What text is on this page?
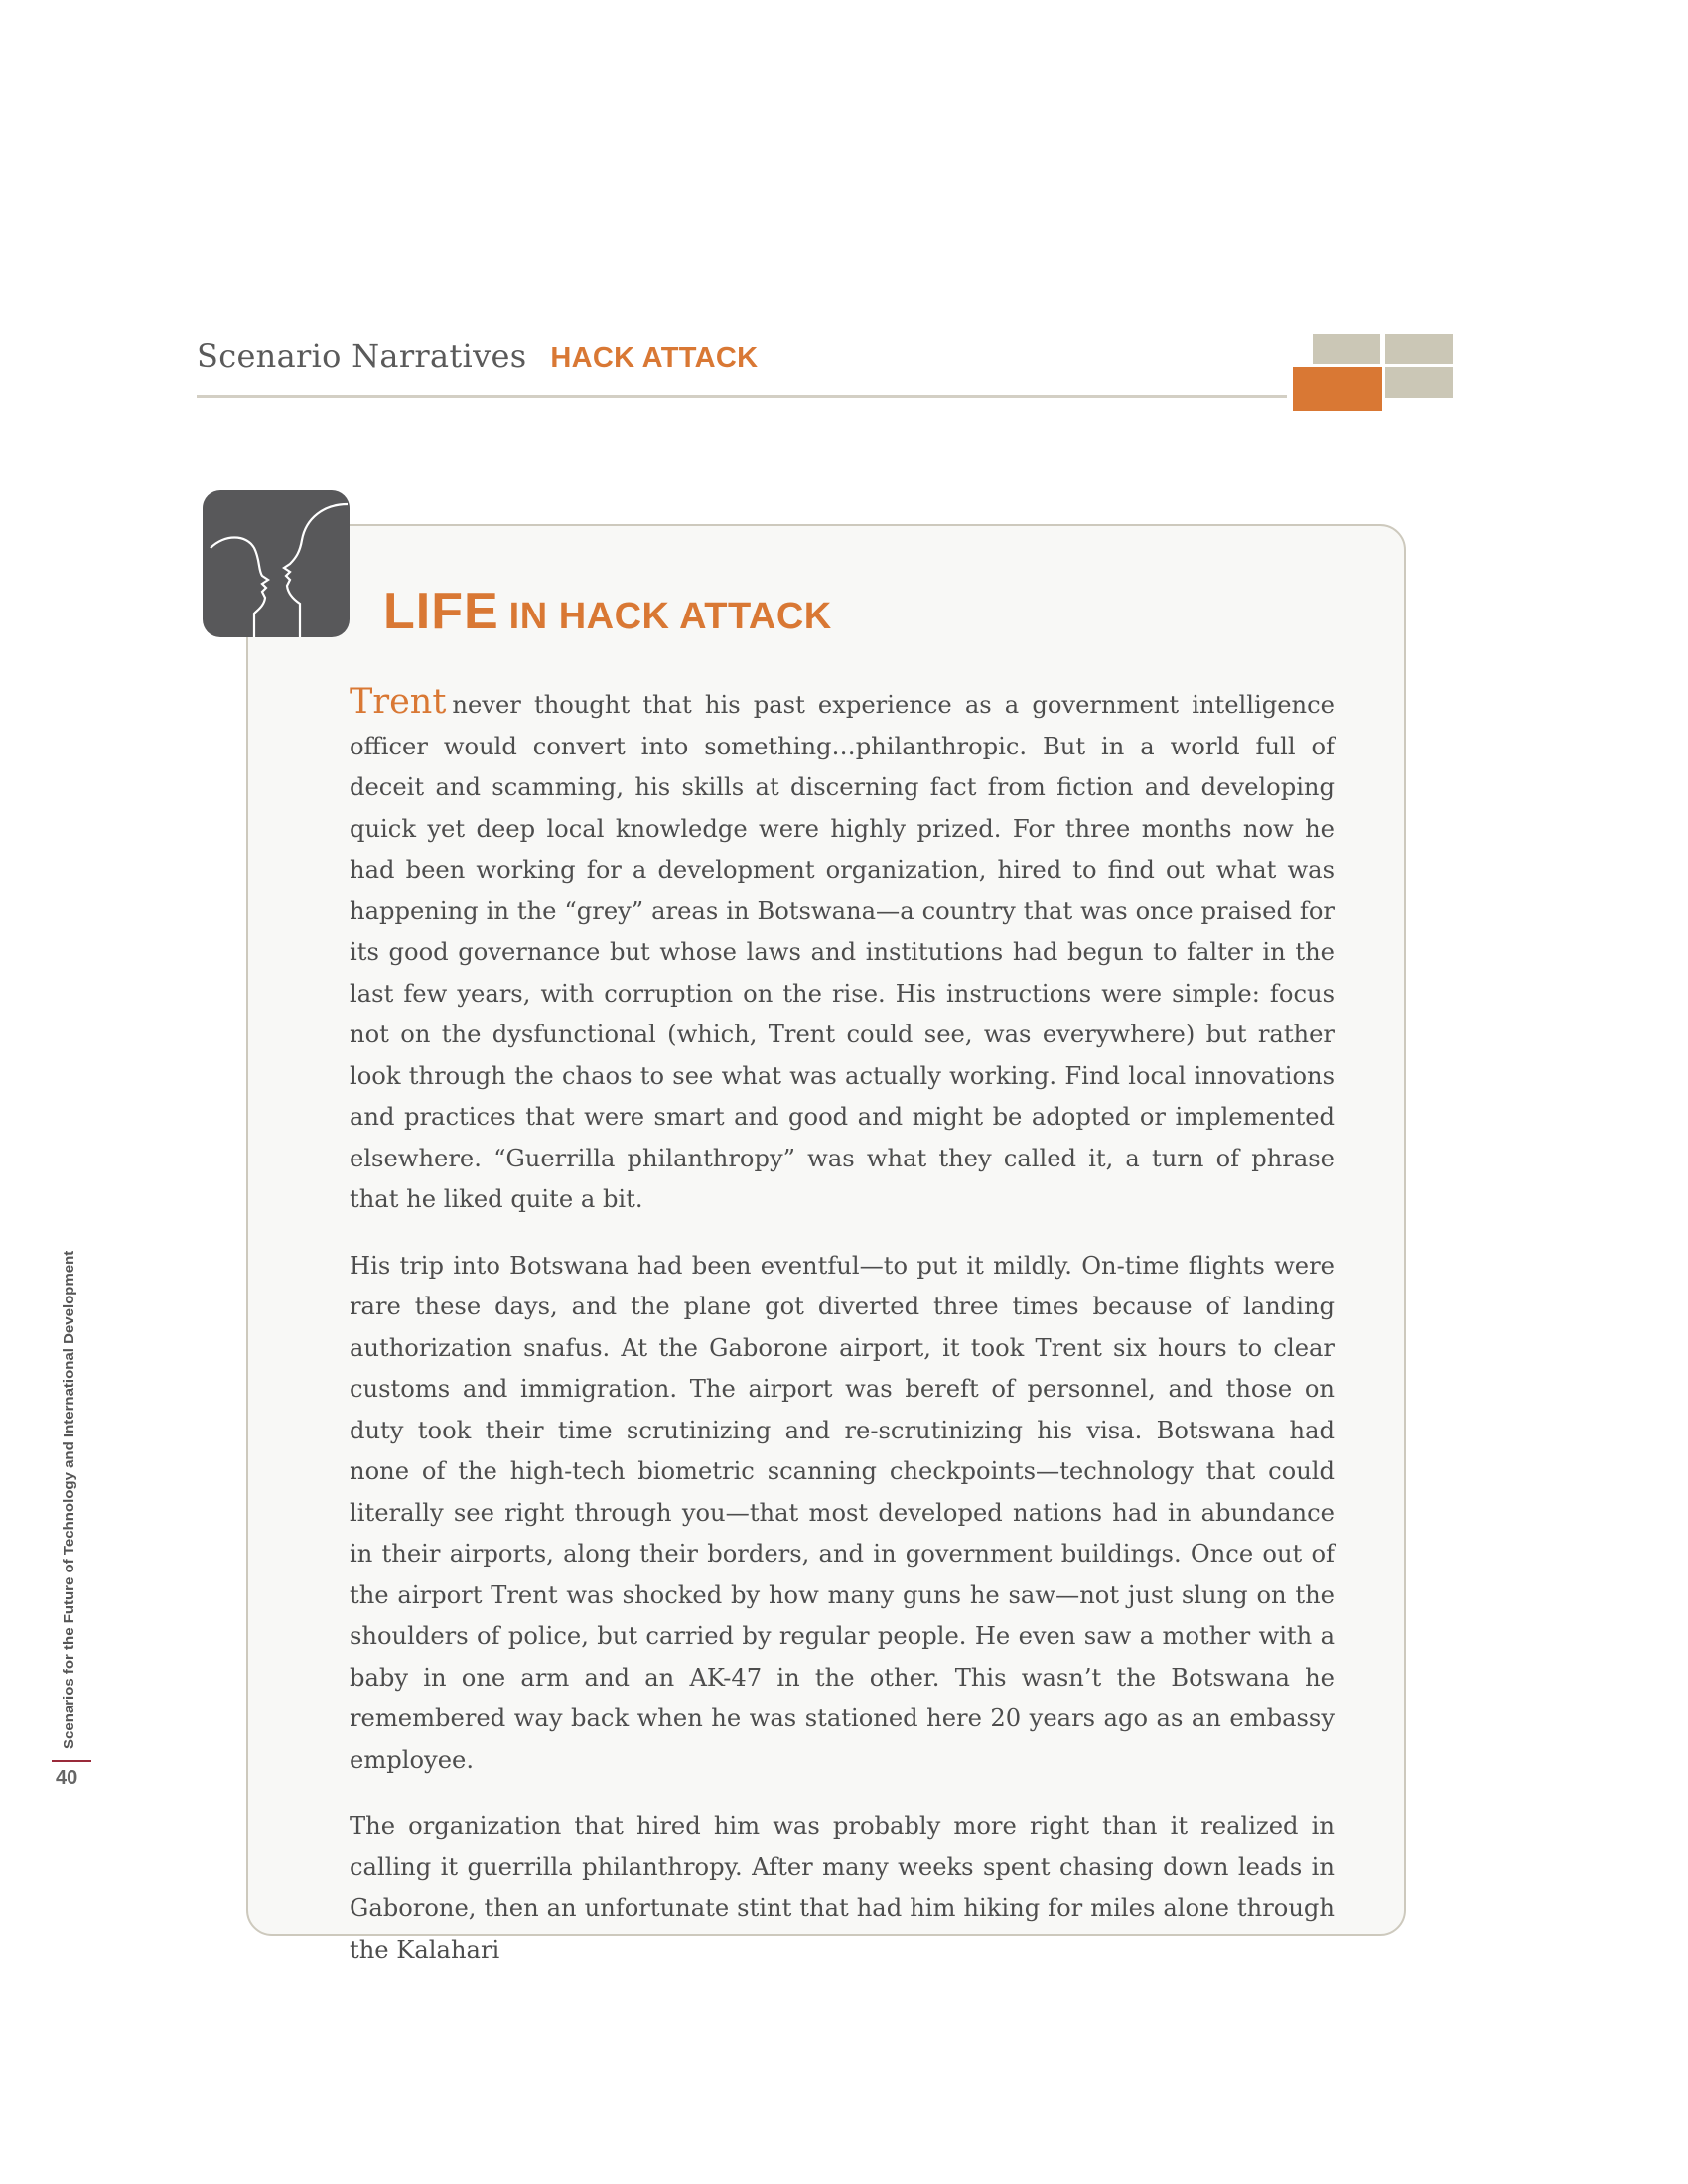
Scenario Narratives HACK ATTACK
LIFE IN HACK ATTACK

Trent never thought that his past experience as a government intelligence officer would convert into something…philanthropic. But in a world full of deceit and scamming, his skills at discerning fact from fiction and developing quick yet deep local knowledge were highly prized. For three months now he had been working for a development organization, hired to find out what was happening in the “grey” areas in Botswana—a country that was once praised for its good governance but whose laws and institutions had begun to falter in the last few years, with corruption on the rise. His instructions were simple: focus not on the dysfunctional (which, Trent could see, was everywhere) but rather look through the chaos to see what was actually working. Find local innovations and practices that were smart and good and might be adopted or implemented elsewhere. “Guerrilla philanthropy” was what they called it, a turn of phrase that he liked quite a bit.

His trip into Botswana had been eventful—to put it mildly. On-time flights were rare these days, and the plane got diverted three times because of landing authorization snafus. At the Gaborone airport, it took Trent six hours to clear customs and immigration. The airport was bereft of personnel, and those on duty took their time scrutinizing and re-scrutinizing his visa. Botswana had none of the high-tech biometric scanning checkpoints—technology that could literally see right through you—that most developed nations had in abundance in their airports, along their borders, and in government buildings. Once out of the airport Trent was shocked by how many guns he saw—not just slung on the shoulders of police, but carried by regular people. He even saw a mother with a baby in one arm and an AK-47 in the other. This wasn’t the Botswana he remembered way back when he was stationed here 20 years ago as an embassy employee.

The organization that hired him was probably more right than it realized in calling it guerrilla philanthropy. After many weeks spent chasing down leads in Gaborone, then an unfortunate stint that had him hiking for miles alone through the Kalahari

Scenarios for the Future of Technology and International Development
40
